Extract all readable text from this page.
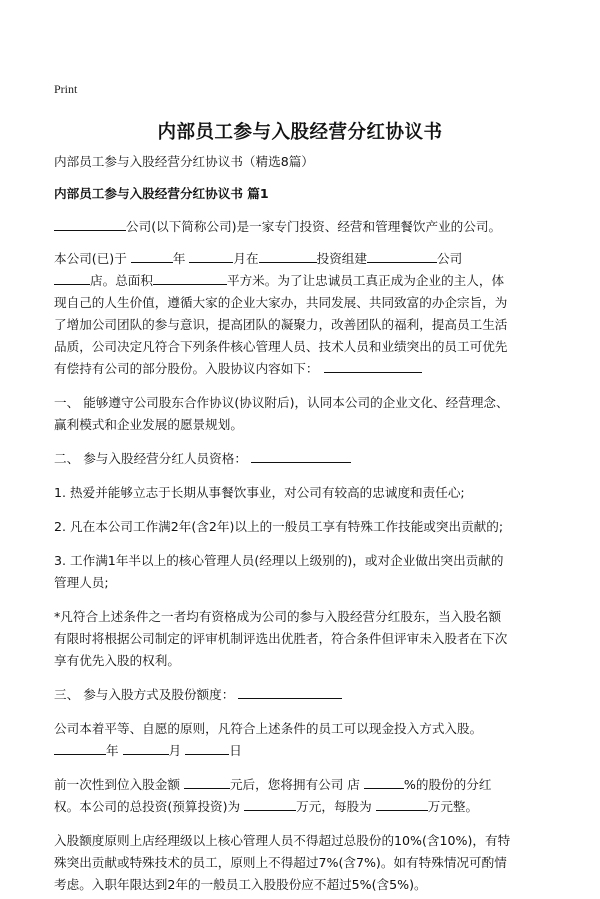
Print
内部员工参与入股经营分红协议书
内部员工参与入股经营分红协议书（精选8篇）
内部员工参与入股经营分红协议书 篇1
公司(以下简称公司)是一家专门投资、经营和管理餐饮产业的公司。
本公司(已)于	年	月在	投资组建	公司
店。总面积	平方米。为了让忠诚员工真正成为企业的主人，体
现自己的人生价值，遵循大家的企业大家办，共同发展、共同致富的办企宗旨，为
了增加公司团队的参与意识，提高团队的凝聚力，改善团队的福利，提高员工生活
品质，公司决定凡符合下列条件核心管理人员、技术人员和业绩突出的员工可优先
有偿持有公司的部分股份。入股协议内容如下：
一、 能够遵守公司股东合作协议(协议附后)，认同本公司的企业文化、经营理念、
赢利模式和企业发展的愿景规划。
二、 参与入股经营分红人员资格：
1. 热爱并能够立志于长期从事餐饮事业，对公司有较高的忠诚度和责任心;
2. 凡在本公司工作满2年(含2年)以上的一般员工享有特殊工作技能或突出贡献的;
3. 工作满1年半以上的核心管理人员(经理以上级别的)，或对企业做出突出贡献的
管理人员;
*凡符合上述条件之一者均有资格成为公司的参与入股经营分红股东，当入股名额
有限时将根据公司制定的评审机制评选出优胜者，符合条件但评审未入股者在下次
享有优先入股的权利。
三、 参与入股方式及股份额度：
公司本着平等、自愿的原则，凡符合上述条件的员工可以现金投入方式入股。
年	月	日
前一次性到位入股金额	元后，您将拥有公司 店	%的股份的分红
权。本公司的总投资(预算投资)为	万元，每股为	万元整。
入股额度原则上店经理级以上核心管理人员不得超过总股份的10%(含10%)，有特
殊突出贡献或特殊技术的员工，原则上不得超过7%(含7%)。如有特殊情况可酌情
考虑。入职年限达到2年的一般员工入股股份应不超过5%(含5%)。
